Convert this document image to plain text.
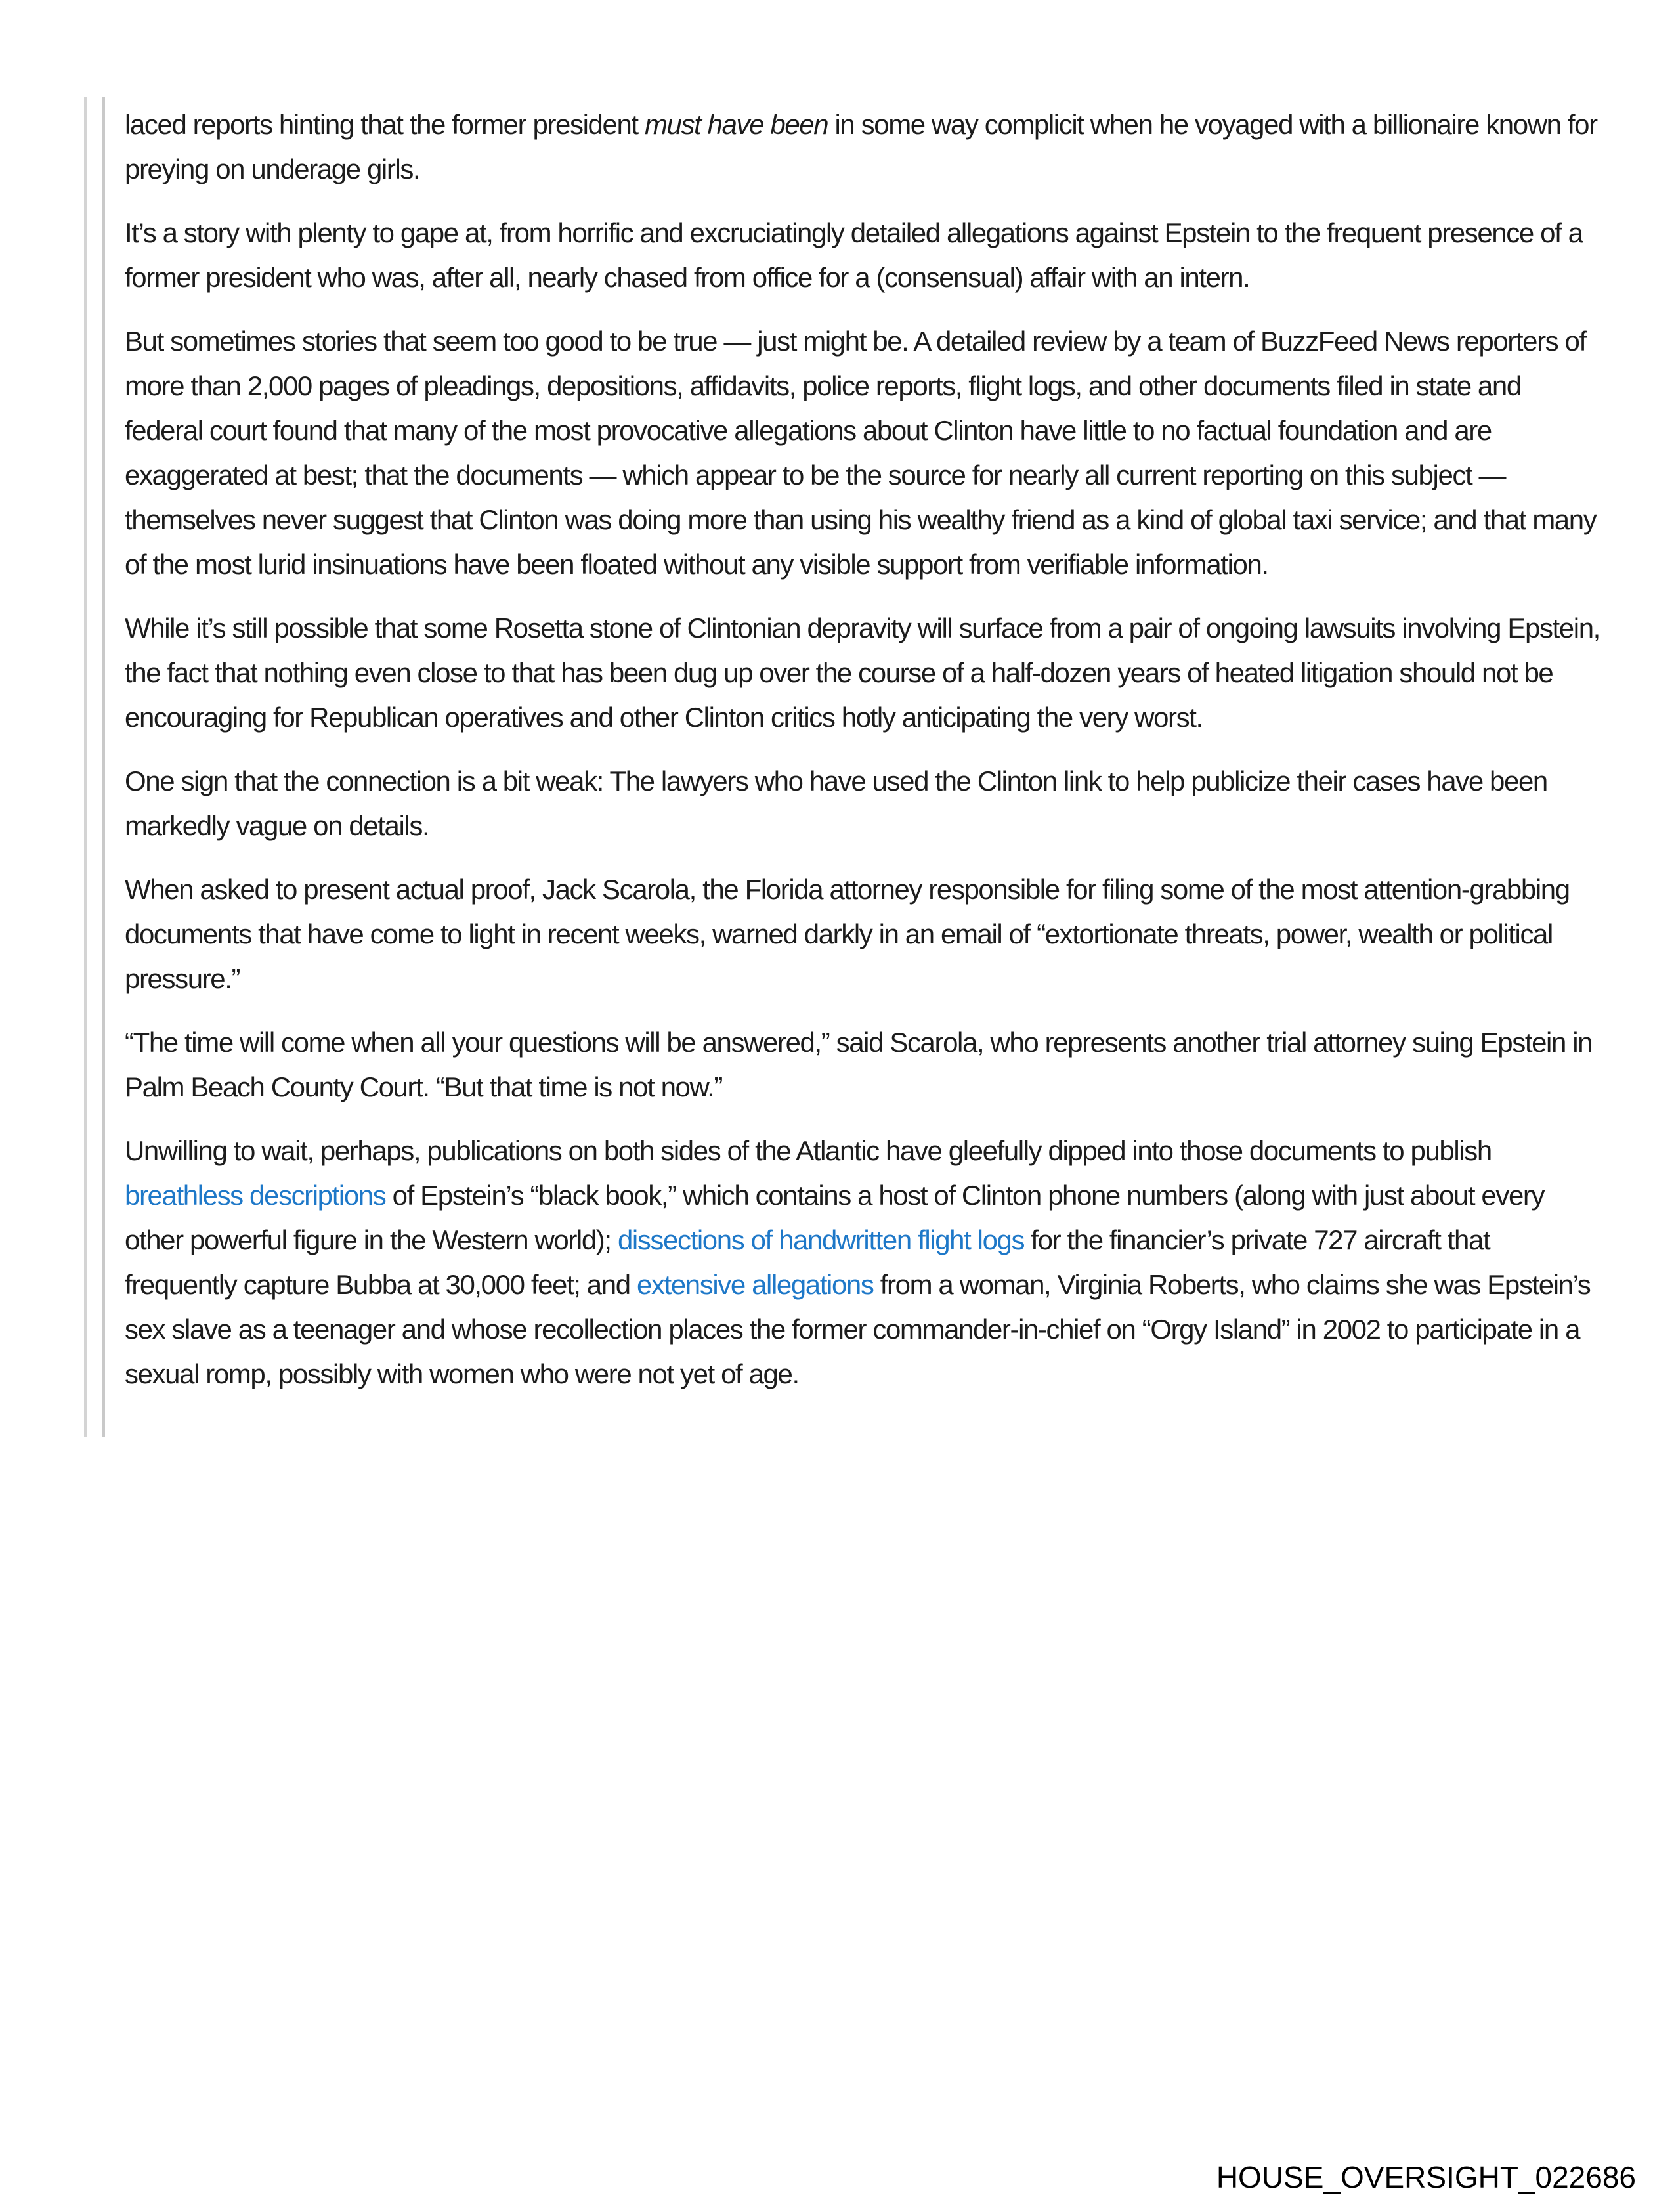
laced reports hinting that the former president must have been in some way complicit when he voyaged with a billionaire known for preying on underage girls.

It’s a story with plenty to gape at, from horrific and excruciatingly detailed allegations against Epstein to the frequent presence of a former president who was, after all, nearly chased from office for a (consensual) affair with an intern.

But sometimes stories that seem too good to be true — just might be. A detailed review by a team of BuzzFeed News reporters of more than 2,000 pages of pleadings, depositions, affidavits, police reports, flight logs, and other documents filed in state and federal court found that many of the most provocative allegations about Clinton have little to no factual foundation and are exaggerated at best; that the documents — which appear to be the source for nearly all current reporting on this subject — themselves never suggest that Clinton was doing more than using his wealthy friend as a kind of global taxi service; and that many of the most lurid insinuations have been floated without any visible support from verifiable information.

While it’s still possible that some Rosetta stone of Clintonian depravity will surface from a pair of ongoing lawsuits involving Epstein, the fact that nothing even close to that has been dug up over the course of a half-dozen years of heated litigation should not be encouraging for Republican operatives and other Clinton critics hotly anticipating the very worst.

One sign that the connection is a bit weak: The lawyers who have used the Clinton link to help publicize their cases have been markedly vague on details.

When asked to present actual proof, Jack Scarola, the Florida attorney responsible for filing some of the most attention-grabbing documents that have come to light in recent weeks, warned darkly in an email of “extortionate threats, power, wealth or political pressure.”

“The time will come when all your questions will be answered,” said Scarola, who represents another trial attorney suing Epstein in Palm Beach County Court. “But that time is not now.”

Unwilling to wait, perhaps, publications on both sides of the Atlantic have gleefully dipped into those documents to publish breathless descriptions of Epstein’s “black book,” which contains a host of Clinton phone numbers (along with just about every other powerful figure in the Western world); dissections of handwritten flight logs for the financier’s private 727 aircraft that frequently capture Bubba at 30,000 feet; and extensive allegations from a woman, Virginia Roberts, who claims she was Epstein’s sex slave as a teenager and whose recollection places the former commander-in-chief on “Orgy Island” in 2002 to participate in a sexual romp, possibly with women who were not yet of age.

HOUSE_OVERSIGHT_022686
